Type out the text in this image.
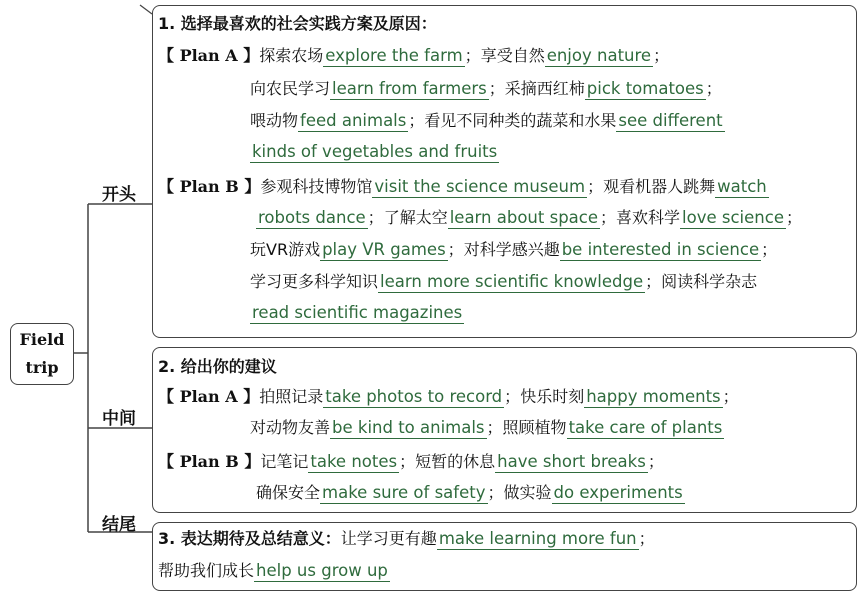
Field
trip
开头
中间
结尾
1. 选择最喜欢的社会实践方案及原因：
【 Plan A 】探索农场 explore the farm ；享受自然 enjoy nature ；
向农民学习 learn from farmers ；采摘西红柿 pick tomatoes ；
喂动物 feed animals ；看见不同种类的蔬菜和水果 see different
kinds of vegetables and fruits
【 Plan B 】参观科技博物馆 visit the science museum ；观看机器人跳舞 watch
robots dance ；了解太空 learn about space ；喜欢科学 love science ；
玩VR游戏 play VR games ；对科学感兴趣 be interested in science ；
学习更多科学知识 learn more scientific knowledge ；阅读科学杂志
read scientific magazines
2. 给出你的建议
【 Plan A 】拍照记录 take photos to record ；快乐时刻 happy moments ；
对动物友善 be kind to animals ；照顾植物 take care of plants
【 Plan B 】记笔记 take notes ；短暂的休息 have short breaks ；
确保安全 make sure of safety ；做实验 do experiments
3. 表达期待及总结意义：让学习更有趣 make learning more fun ；
帮助我们成长 help us grow up
